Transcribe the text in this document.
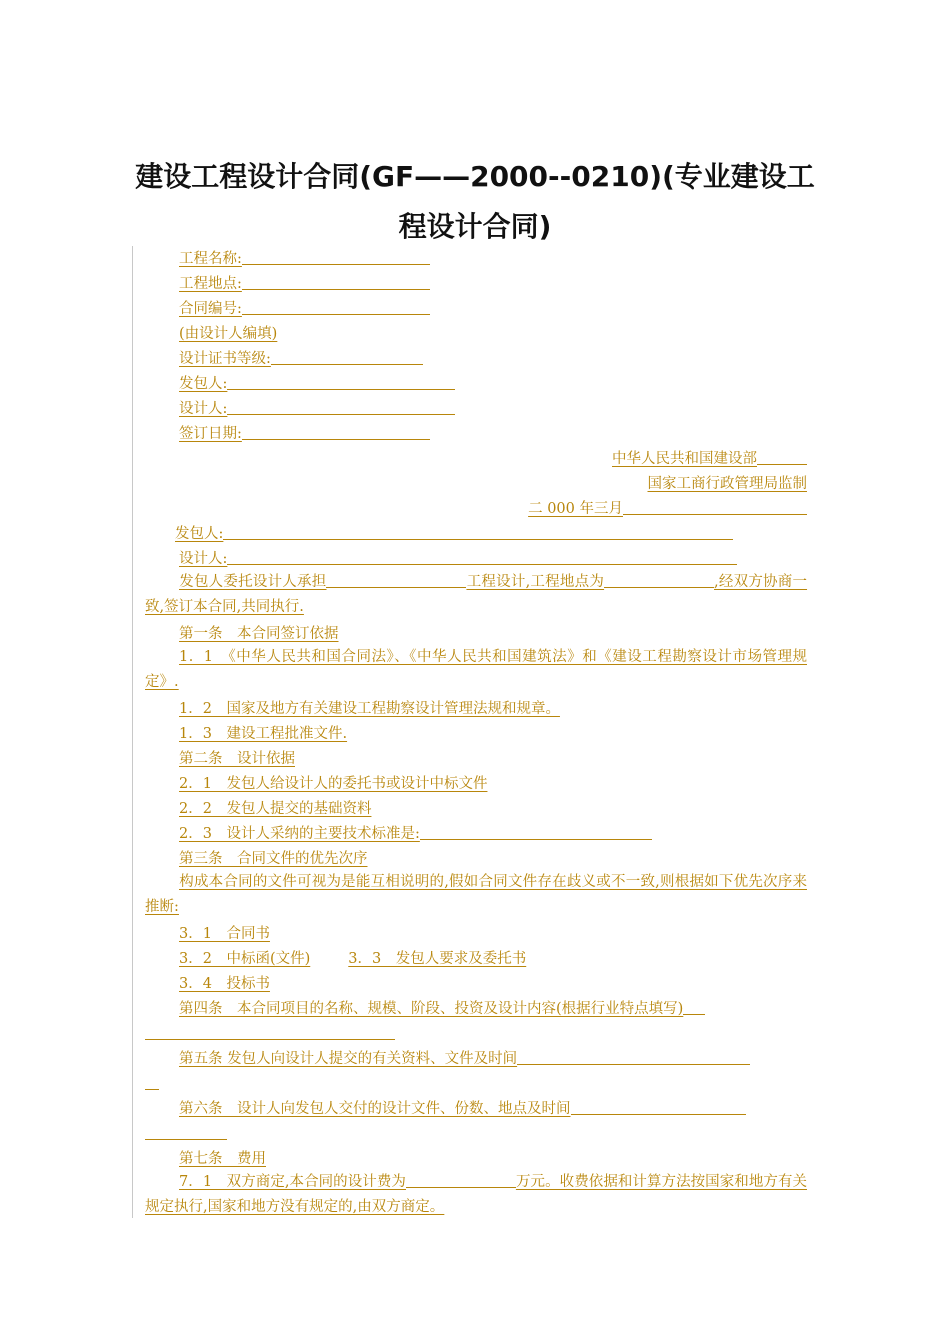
建设工程设计合同(GF——2000--0210)(专业建设工
程设计合同)
工程名称:
工程地点:
合同编号:
(由设计人编填)
设计证书等级:
发包人:
设计人:
签订日期:
中华人民共和国建设部
国家工商行政管理局监制
二 000 年三月
发包人:
设计人:
发包人委托设计人承担	工程设计,工程地点为	,经双方协商一致,签订本合同,共同执行.
第一条　本合同签订依据
1．1　《中华人民共和国合同法》、《中华人民共和国建筑法》和《建设工程勘察设计市场管理规定》.
1．2　国家及地方有关建设工程勘察设计管理法规和规章。
1．3　建设工程批准文件.
第二条　设计依据
2．1　发包人给设计人的委托书或设计中标文件
2．2　发包人提交的基础资料
2．3　设计人采纳的主要技术标准是:
第三条　合同文件的优先次序
构成本合同的文件可视为是能互相说明的,假如合同文件存在歧义或不一致,则根据如下优先次序来推断:
3．1　合同书
3．2　中标函(文件)	3．3　发包人要求及委托书
3．4　投标书
第四条　本合同项目的名称、规模、阶段、投资及设计内容(根据行业特点填写)
第五条 发包人向设计人提交的有关资料、文件及时间
第六条　设计人向发包人交付的设计文件、份数、地点及时间
第七条　费用
7．1　双方商定,本合同的设计费为	万元。收费依据和计算方法按国家和地方有关规定执行,国家和地方没有规定的,由双方商定。
